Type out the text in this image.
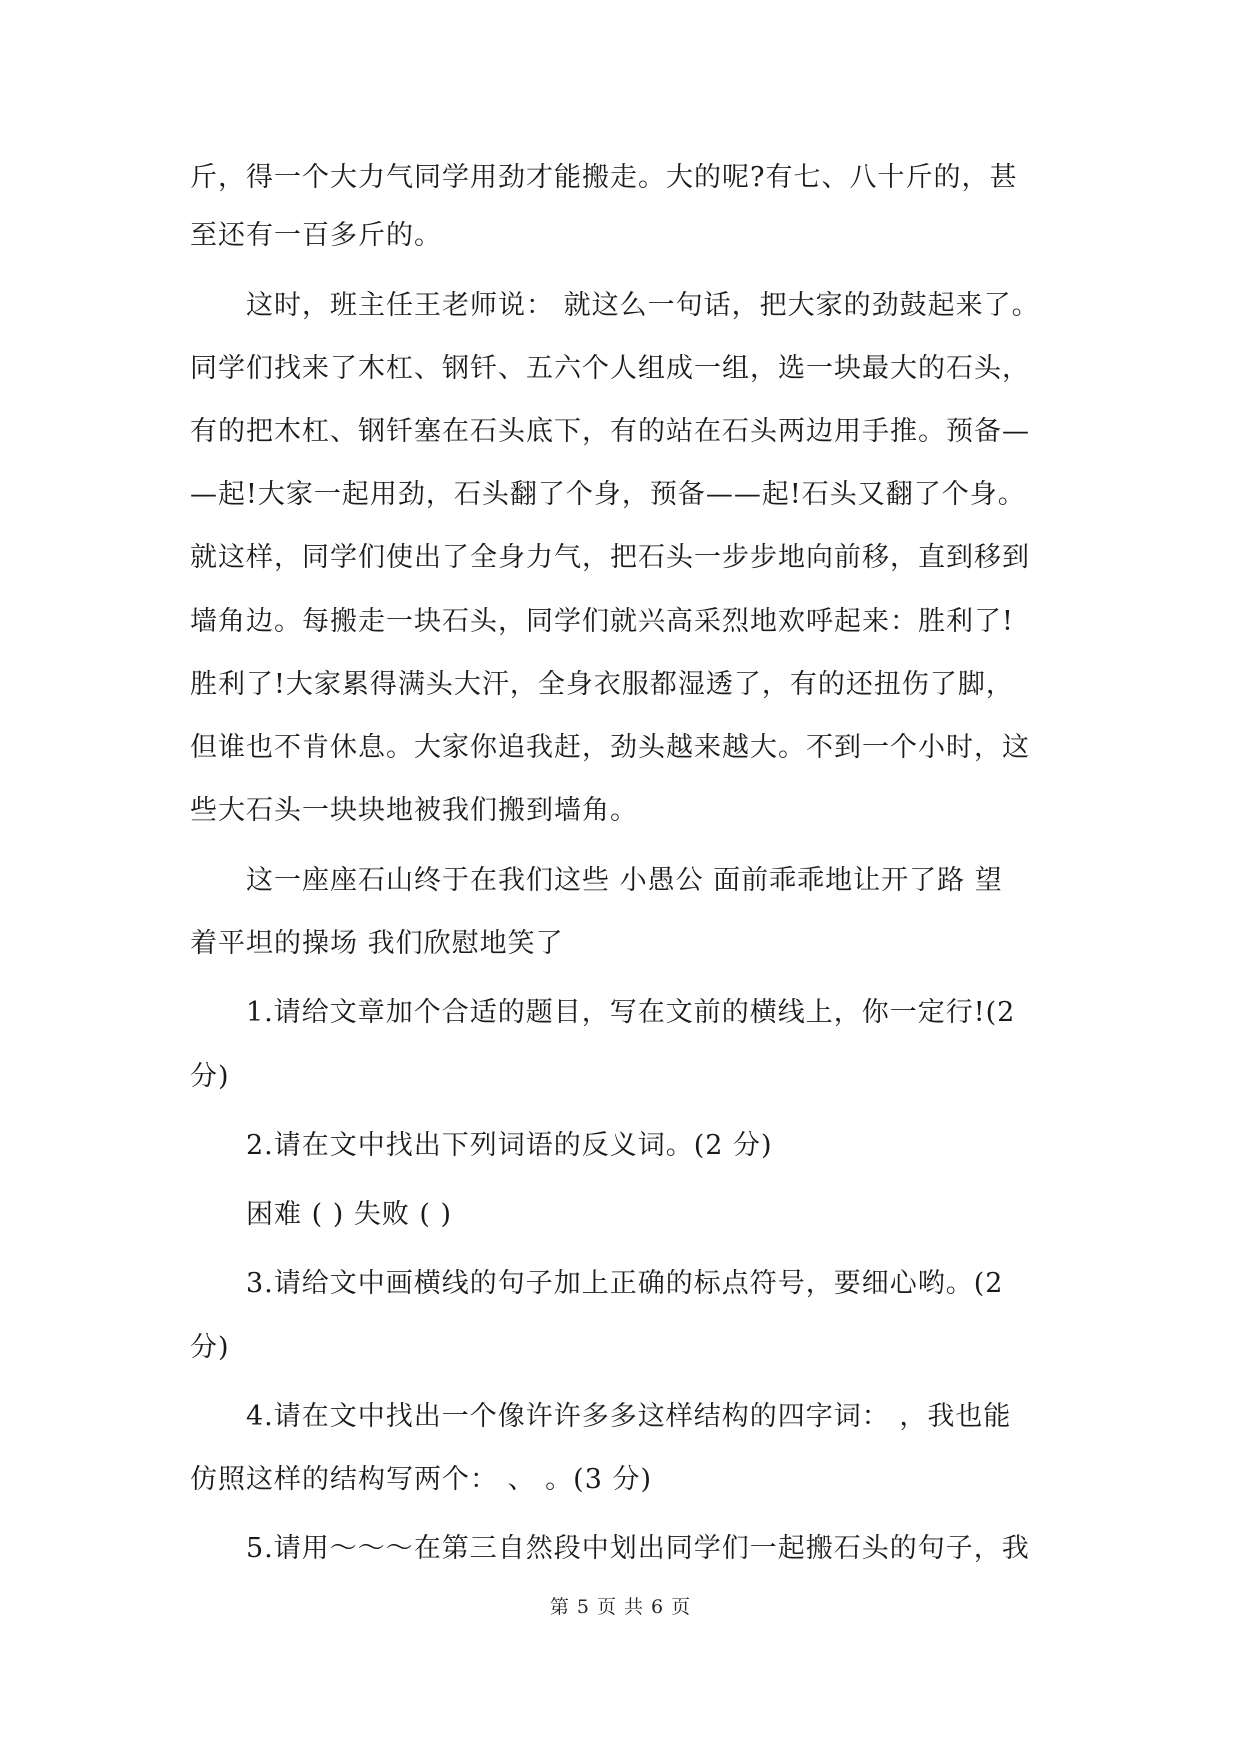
斤，得一个大力气同学用劲才能搬走。大的呢?有七、八十斤的，甚
至还有一百多斤的。
这时，班主任王老师说： 就这么一句话，把大家的劲鼓起来了。
同学们找来了木杠、钢钎、五六个人组成一组，选一块最大的石头，
有的把木杠、钢钎塞在石头底下，有的站在石头两边用手推。预备—
—起!大家一起用劲，石头翻了个身，预备——起!石头又翻了个身。
就这样，同学们使出了全身力气，把石头一步步地向前移，直到移到
墙角边。每搬走一块石头，同学们就兴高采烈地欢呼起来：胜利了!
胜利了!大家累得满头大汗，全身衣服都湿透了，有的还扭伤了脚，
但谁也不肯休息。大家你追我赶，劲头越来越大。不到一个小时，这
些大石头一块块地被我们搬到墙角。
这一座座石山终于在我们这些 小愚公 面前乖乖地让开了路 望
着平坦的操场 我们欣慰地笑了
1.请给文章加个合适的题目，写在文前的横线上，你一定行!(2
分)
2.请在文中找出下列词语的反义词。(2 分)
困难 ( ) 失败 ( )
3.请给文中画横线的句子加上正确的标点符号，要细心哟。(2
分)
4.请在文中找出一个像许许多多这样结构的四字词： ，我也能
仿照这样的结构写两个： 、 。(3 分)
5.请用～～～在第三自然段中划出同学们一起搬石头的句子，我
第 5 页 共 6 页
